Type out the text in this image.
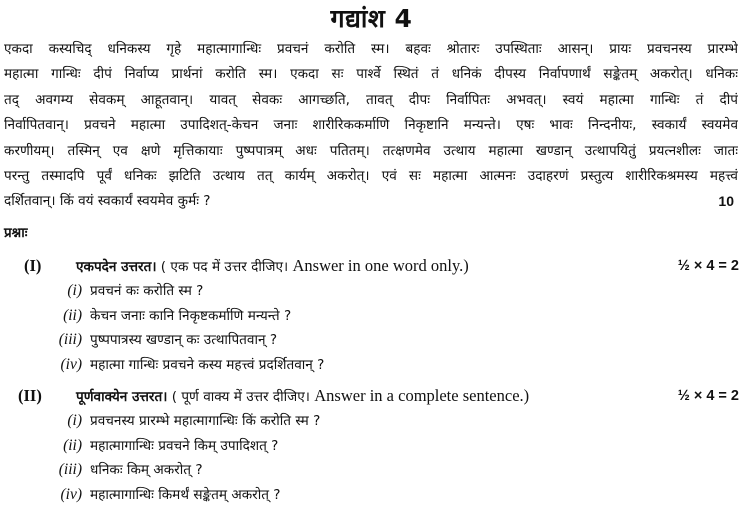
गद्यांश 4
एकदा कस्यचिद् धनिकस्य गृहे महात्मागान्धिः प्रवचनं करोति स्म। बहवः श्रोतारः उपस्थिताः आसन्। प्रायः प्रवचनस्य प्रारम्भे
महात्मा गान्धिः दीपं निर्वाप्य प्रार्थनां करोति स्म। एकदा सः पार्श्वे स्थितं तं धनिकं दीपस्य निर्वापणार्थं सङ्केतम् अकरोत्। धनिकः
तद् अवगम्य सेवकम् आहूतवान्। यावत् सेवकः आगच्छति, तावत् दीपः निर्वापितः अभवत्। स्वयं महात्मा गान्धिः तं दीपं
निर्वापितवान्। प्रवचने महात्मा उपादिशत्-केचन जनाः शारीरिककर्माणि निकृष्टानि मन्यन्ते। एषः भावः निन्दनीयः, स्वकार्यं स्वयमेव
करणीयम्। तस्मिन् एव क्षणे मृत्तिकायाः पुष्पपात्रम् अधः पतितम्। तत्क्षणमेव उत्थाय महात्मा खण्डान् उत्थापयितुं प्रयत्नशीलः जातः
परन्तु तस्मादपि पूर्वं धनिकः झटिति उत्थाय तत् कार्यम् अकरोत्। एवं सः महात्मा आत्मनः उदाहरणं प्रस्तुत्य शारीरिकश्रमस्य महत्त्वं
दर्शितवान्। किं वयं स्वकार्यं स्वयमेव कुर्मः ?	10
प्रश्नाः
(I)	एकपदेन उत्तरत। ( एक पद में उत्तर दीजिए। Answer in one word only.)	½ × 4 = 2
(i) प्रवचनं कः करोति स्म ?
(ii) केचन जनाः कानि निकृष्टकर्माणि मन्यन्ते ?
(iii) पुष्पपात्रस्य खण्डान् कः उत्थापितवान् ?
(iv) महात्मा गान्धिः प्रवचने कस्य महत्त्वं प्रदर्शितवान् ?
(II)	पूर्णवाक्येन उत्तरत। ( पूर्ण वाक्य में उत्तर दीजिए। Answer in a complete sentence.)	½ × 4 = 2
(i) प्रवचनस्य प्रारम्भे महात्मागान्धिः किं करोति स्म ?
(ii) महात्मागान्धिः प्रवचने किम् उपादिशत् ?
(iii) धनिकः किम् अकरोत् ?
(iv) महात्मागान्धिः किमर्थं सङ्केतम् अकरोत् ?
